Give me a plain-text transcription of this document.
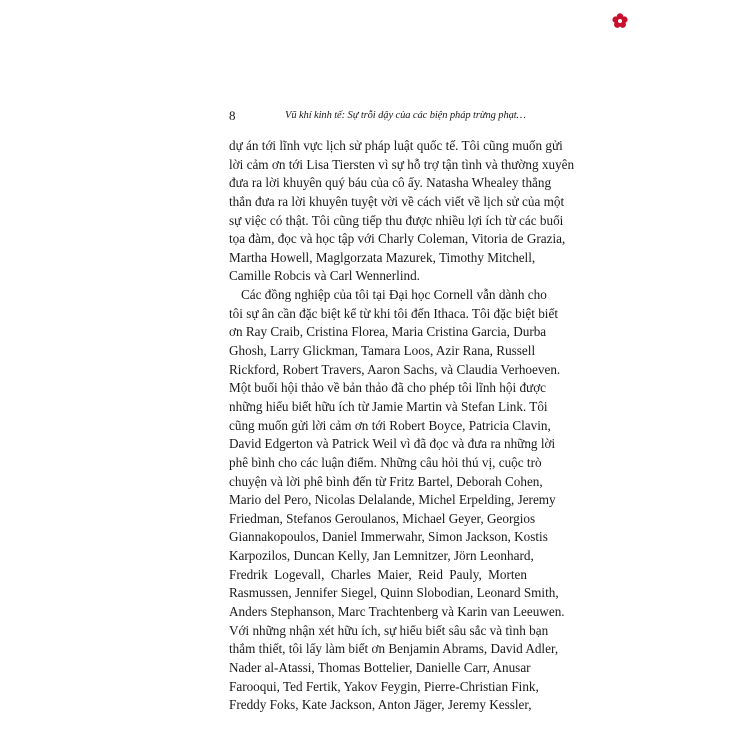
8	Vũ khí kinh tế: Sự trỗi dậy của các biện pháp trừng phạt…
dự án tới lĩnh vực lịch sử pháp luật quốc tế. Tôi cũng muốn gửi
lời cảm ơn tới Lisa Tiersten vì sự hỗ trợ tận tình và thường xuyên
đưa ra lời khuyên quý báu của cô ấy. Natasha Whealey thẳng
thắn đưa ra lời khuyên tuyệt vời về cách viết về lịch sử của một
sự việc có thật. Tôi cũng tiếp thu được nhiều lợi ích từ các buổi
tọa đàm, đọc và học tập với Charly Coleman, Vitoria de Grazia,
Martha Howell, Maglgorzata Mazurek, Timothy Mitchell,
Camille Robcis và Carl Wennerlind.
Các đồng nghiệp của tôi tại Đại học Cornell vẫn dành cho
tôi sự ân cần đặc biệt kể từ khi tôi đến Ithaca. Tôi đặc biệt biết
ơn Ray Craib, Cristina Florea, Maria Cristina Garcia, Durba
Ghosh, Larry Glickman, Tamara Loos, Azir Rana, Russell
Rickford, Robert Travers, Aaron Sachs, và Claudia Verhoeven.
Một buổi hội thảo về bản thảo đã cho phép tôi lĩnh hội được
những hiểu biết hữu ích từ Jamie Martin và Stefan Link. Tôi
cũng muốn gửi lời cảm ơn tới Robert Boyce, Patricia Clavin,
David Edgerton và Patrick Weil vì đã đọc và đưa ra những lời
phê bình cho các luận điểm. Những câu hỏi thú vị, cuộc trò
chuyện và lời phê bình đến từ Fritz Bartel, Deborah Cohen,
Mario del Pero, Nicolas Delalande, Michel Erpelding, Jeremy
Friedman, Stefanos Geroulanos, Michael Geyer, Georgios
Giannakopoulos, Daniel Immerwahr, Simon Jackson, Kostis
Karpozilos, Duncan Kelly, Jan Lemnitzer, Jörn Leonhard,
Fredrik Logevall, Charles Maier, Reid Pauly, Morten
Rasmussen, Jennifer Siegel, Quinn Slobodian, Leonard Smith,
Anders Stephanson, Marc Trachtenberg và Karin van Leeuwen.
Với những nhận xét hữu ích, sự hiểu biết sâu sắc và tình bạn
thắm thiết, tôi lấy làm biết ơn Benjamin Abrams, David Adler,
Nader al-Atassi, Thomas Bottelier, Danielle Carr, Anusar
Farooqui, Ted Fertik, Yakov Feygin, Pierre-Christian Fink,
Freddy Foks, Kate Jackson, Anton Jäger, Jeremy Kessler,
